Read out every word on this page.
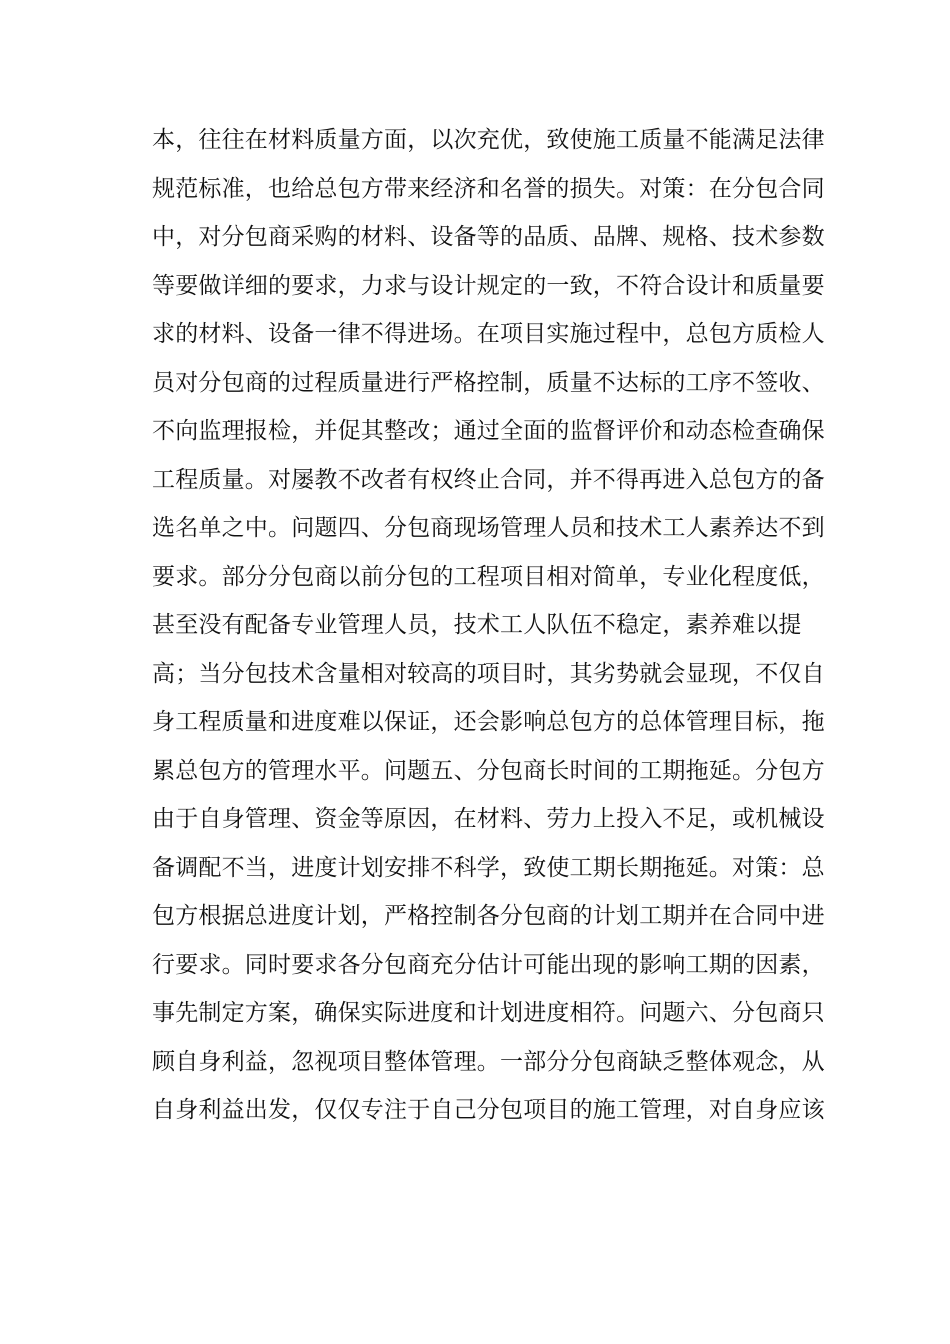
本，往往在材料质量方面，以次充优，致使施工质量不能满足法律
规范标准，也给总包方带来经济和名誉的损失。对策：在分包合同
中，对分包商采购的材料、设备等的品质、品牌、规格、技术参数
等要做详细的要求，力求与设计规定的一致，不符合设计和质量要
求的材料、设备一律不得进场。在项目实施过程中，总包方质检人
员对分包商的过程质量进行严格控制，质量不达标的工序不签收、
不向监理报检，并促其整改；通过全面的监督评价和动态检查确保
工程质量。对屡教不改者有权终止合同，并不得再进入总包方的备
选名单之中。问题四、分包商现场管理人员和技术工人素养达不到
要求。部分分包商以前分包的工程项目相对简单，专业化程度低，
甚至没有配备专业管理人员，技术工人队伍不稳定，素养难以提
高；当分包技术含量相对较高的项目时，其劣势就会显现，不仅自
身工程质量和进度难以保证，还会影响总包方的总体管理目标，拖
累总包方的管理水平。问题五、分包商长时间的工期拖延。分包方
由于自身管理、资金等原因，在材料、劳力上投入不足，或机械设
备调配不当，进度计划安排不科学，致使工期长期拖延。对策：总
包方根据总进度计划，严格控制各分包商的计划工期并在合同中进
行要求。同时要求各分包商充分估计可能出现的影响工期的因素，
事先制定方案，确保实际进度和计划进度相符。问题六、分包商只
顾自身利益，忽视项目整体管理。一部分分包商缺乏整体观念，从
自身利益出发，仅仅专注于自己分包项目的施工管理，对自身应该
